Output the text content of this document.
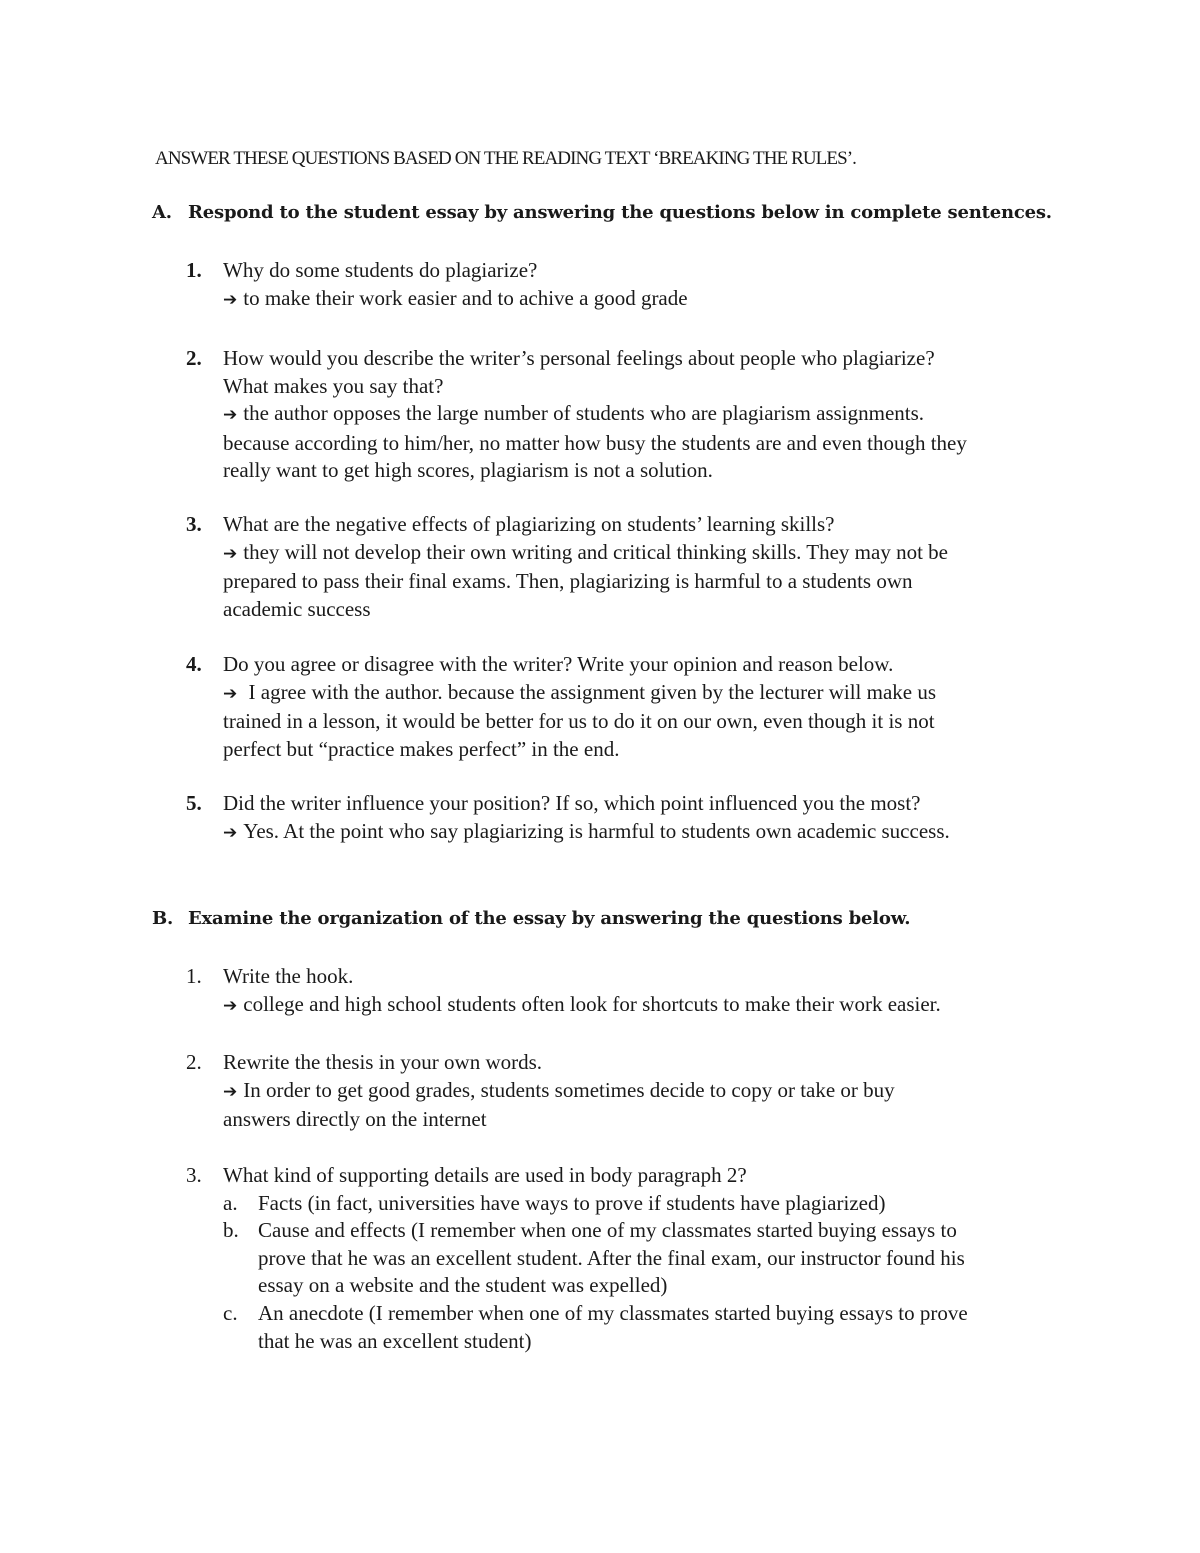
ANSWER THESE QUESTIONS BASED ON THE READING TEXT ‘BREAKING THE RULES’.
A. Respond to the student essay by answering the questions below in complete sentences.
1.	Why do some students do plagiarize?
➔ to make their work easier and to achive a good grade
2.	How would you describe the writer’s personal feelings about people who plagiarize?
What makes you say that?
➔ the author opposes the large number of students who are plagiarism assignments.
because according to him/her, no matter how busy the students are and even though they
really want to get high scores, plagiarism is not a solution.
3.	What are the negative effects of plagiarizing on students’ learning skills?
➔ they will not develop their own writing and critical thinking skills. They may not be
prepared to pass their final exams. Then, plagiarizing is harmful to a students own
academic success
4.	Do you agree or disagree with the writer? Write your opinion and reason below.
➔ I agree with the author. because the assignment given by the lecturer will make us
trained in a lesson, it would be better for us to do it on our own, even though it is not
perfect but “practice makes perfect” in the end.
5.	Did the writer influence your position? If so, which point influenced you the most?
➔ Yes. At the point who say plagiarizing is harmful to students own academic success.
B. Examine the organization of the essay by answering the questions below.
1.	Write the hook.
➔ college and high school students often look for shortcuts to make their work easier.
2.	Rewrite the thesis in your own words.
➔ In order to get good grades, students sometimes decide to copy or take or buy
answers directly on the internet
3.	What kind of supporting details are used in body paragraph 2?
a. Facts (in fact, universities have ways to prove if students have plagiarized)
b. Cause and effects (I remember when one of my classmates started buying essays to
prove that he was an excellent student. After the final exam, our instructor found his
essay on a website and the student was expelled)
c. An anecdote (I remember when one of my classmates started buying essays to prove
that he was an excellent student)
